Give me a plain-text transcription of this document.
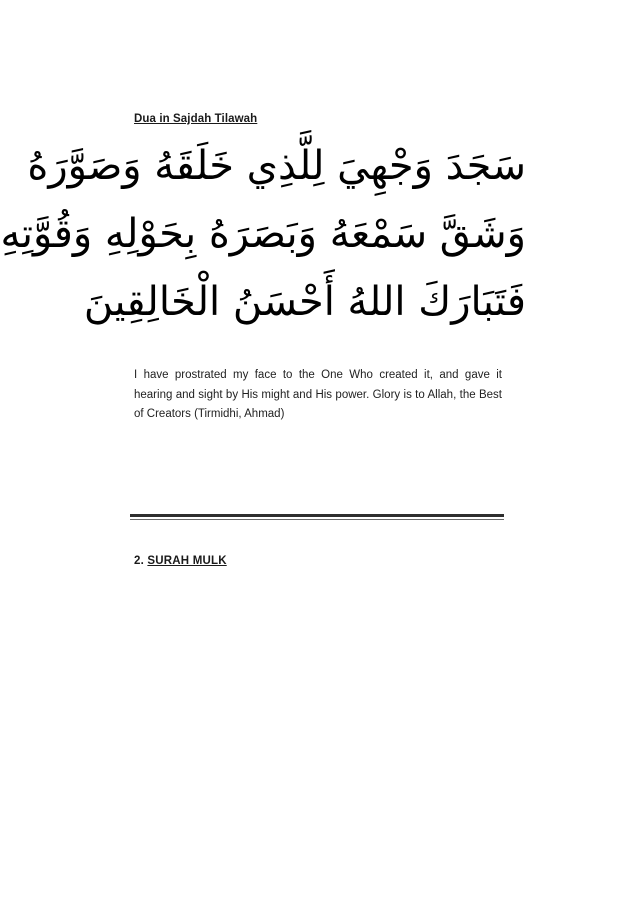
Dua in Sajdah Tilawah
سَجَدَ وَجْهِيَ لِلَّذِي خَلَقَهُ وَصَوَّرَهُ
وَشَقَّ سَمْعَهُ وَبَصَرَهُ بِحَوْلِهِ وَقُوَّتِهِ
فَتَبَارَكَ اللهُ أَحْسَنُ الْخَالِقِينَ
I have prostrated my face to the One Who created it, and gave it hearing and sight by His might and His power. Glory is to Allah, the Best of Creators (Tirmidhi, Ahmad)
2. SURAH MULK
